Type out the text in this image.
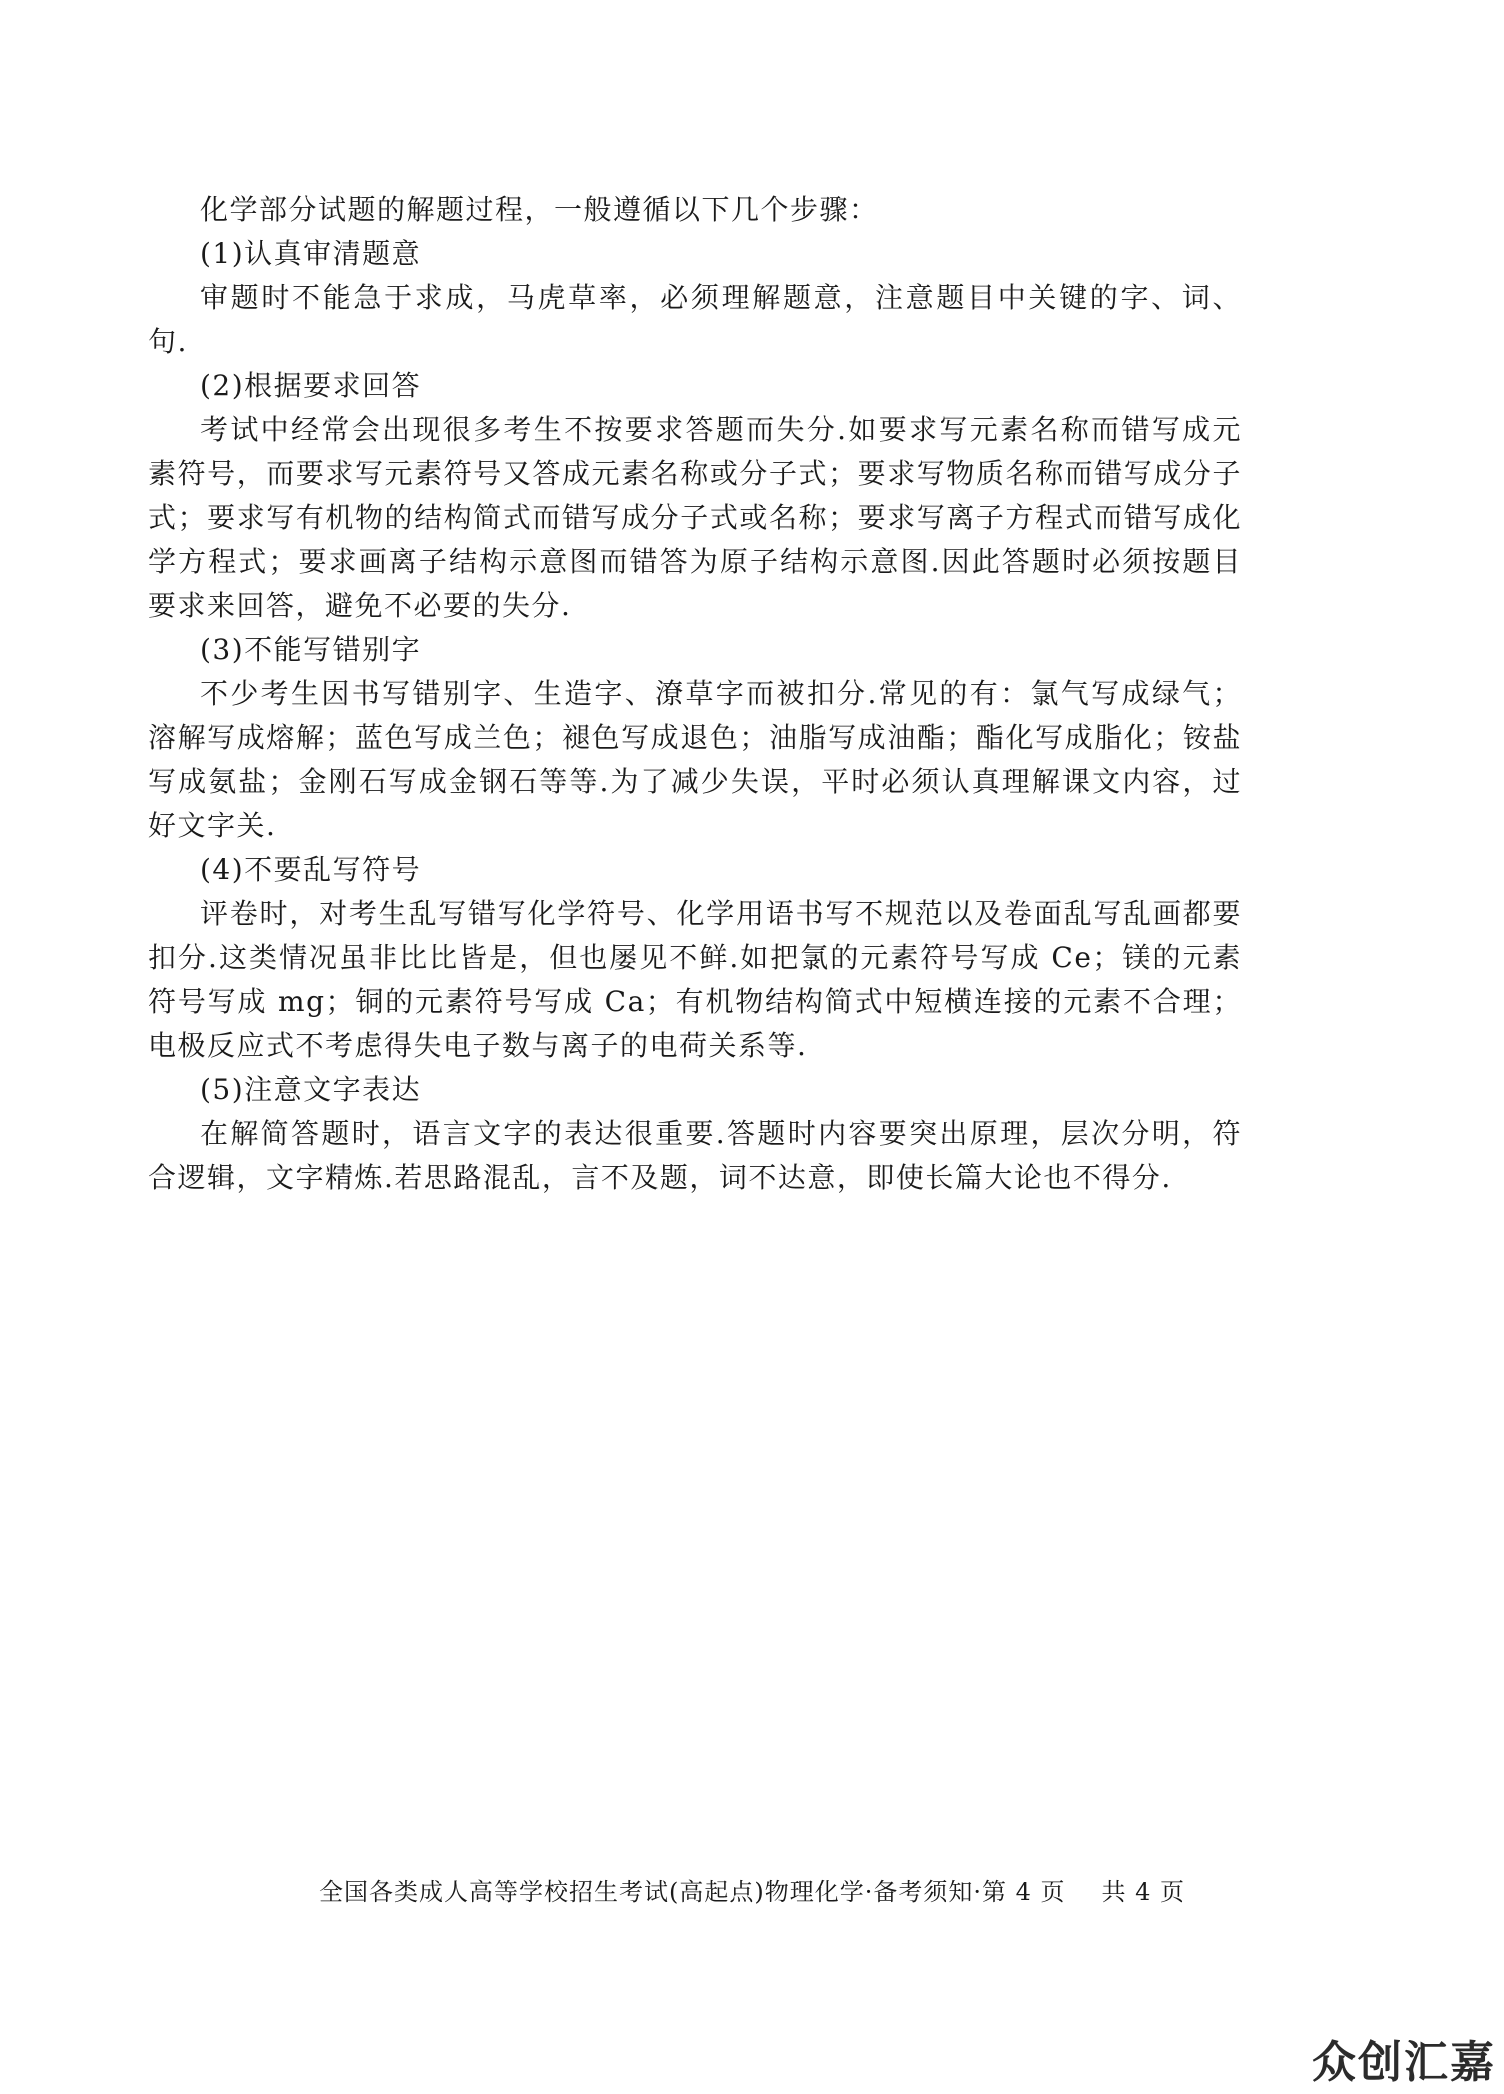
化学部分试题的解题过程，一般遵循以下几个步骤：

(1)认真审清题意

审题时不能急于求成，马虎草率，必须理解题意，注意题目中关键的字、词、句.

(2)根据要求回答

考试中经常会出现很多考生不按要求答题而失分.如要求写元素名称而错写成元素符号，而要求写元素符号又答成元素名称或分子式；要求写物质名称而错写成分子式；要求写有机物的结构简式而错写成分子式或名称；要求写离子方程式而错写成化学方程式；要求画离子结构示意图而错答为原子结构示意图.因此答题时必须按题目要求来回答，避免不必要的失分.

(3)不能写错别字

不少考生因书写错别字、生造字、潦草字而被扣分.常见的有：氯气写成绿气；溶解写成熔解；蓝色写成兰色；褪色写成退色；油脂写成油酯；酯化写成脂化；铵盐写成氨盐；金刚石写成金钢石等等.为了减少失误，平时必须认真理解课文内容，过好文字关.

(4)不要乱写符号

评卷时，对考生乱写错写化学符号、化学用语书写不规范以及卷面乱写乱画都要扣分.这类情况虽非比比皆是，但也屡见不鲜.如把氯的元素符号写成 Ce；镁的元素符号写成 mg；铜的元素符号写成 Ca；有机物结构简式中短横连接的元素不合理；电极反应式不考虑得失电子数与离子的电荷关系等.

(5)注意文字表达

在解简答题时，语言文字的表达很重要.答题时内容要突出原理，层次分明，符合逻辑，文字精炼.若思路混乱，言不及题，词不达意，即使长篇大论也不得分.

全国各类成人高等学校招生考试(高起点)物理化学·备考须知·第 4 页 共 4 页
众创汇嘉
